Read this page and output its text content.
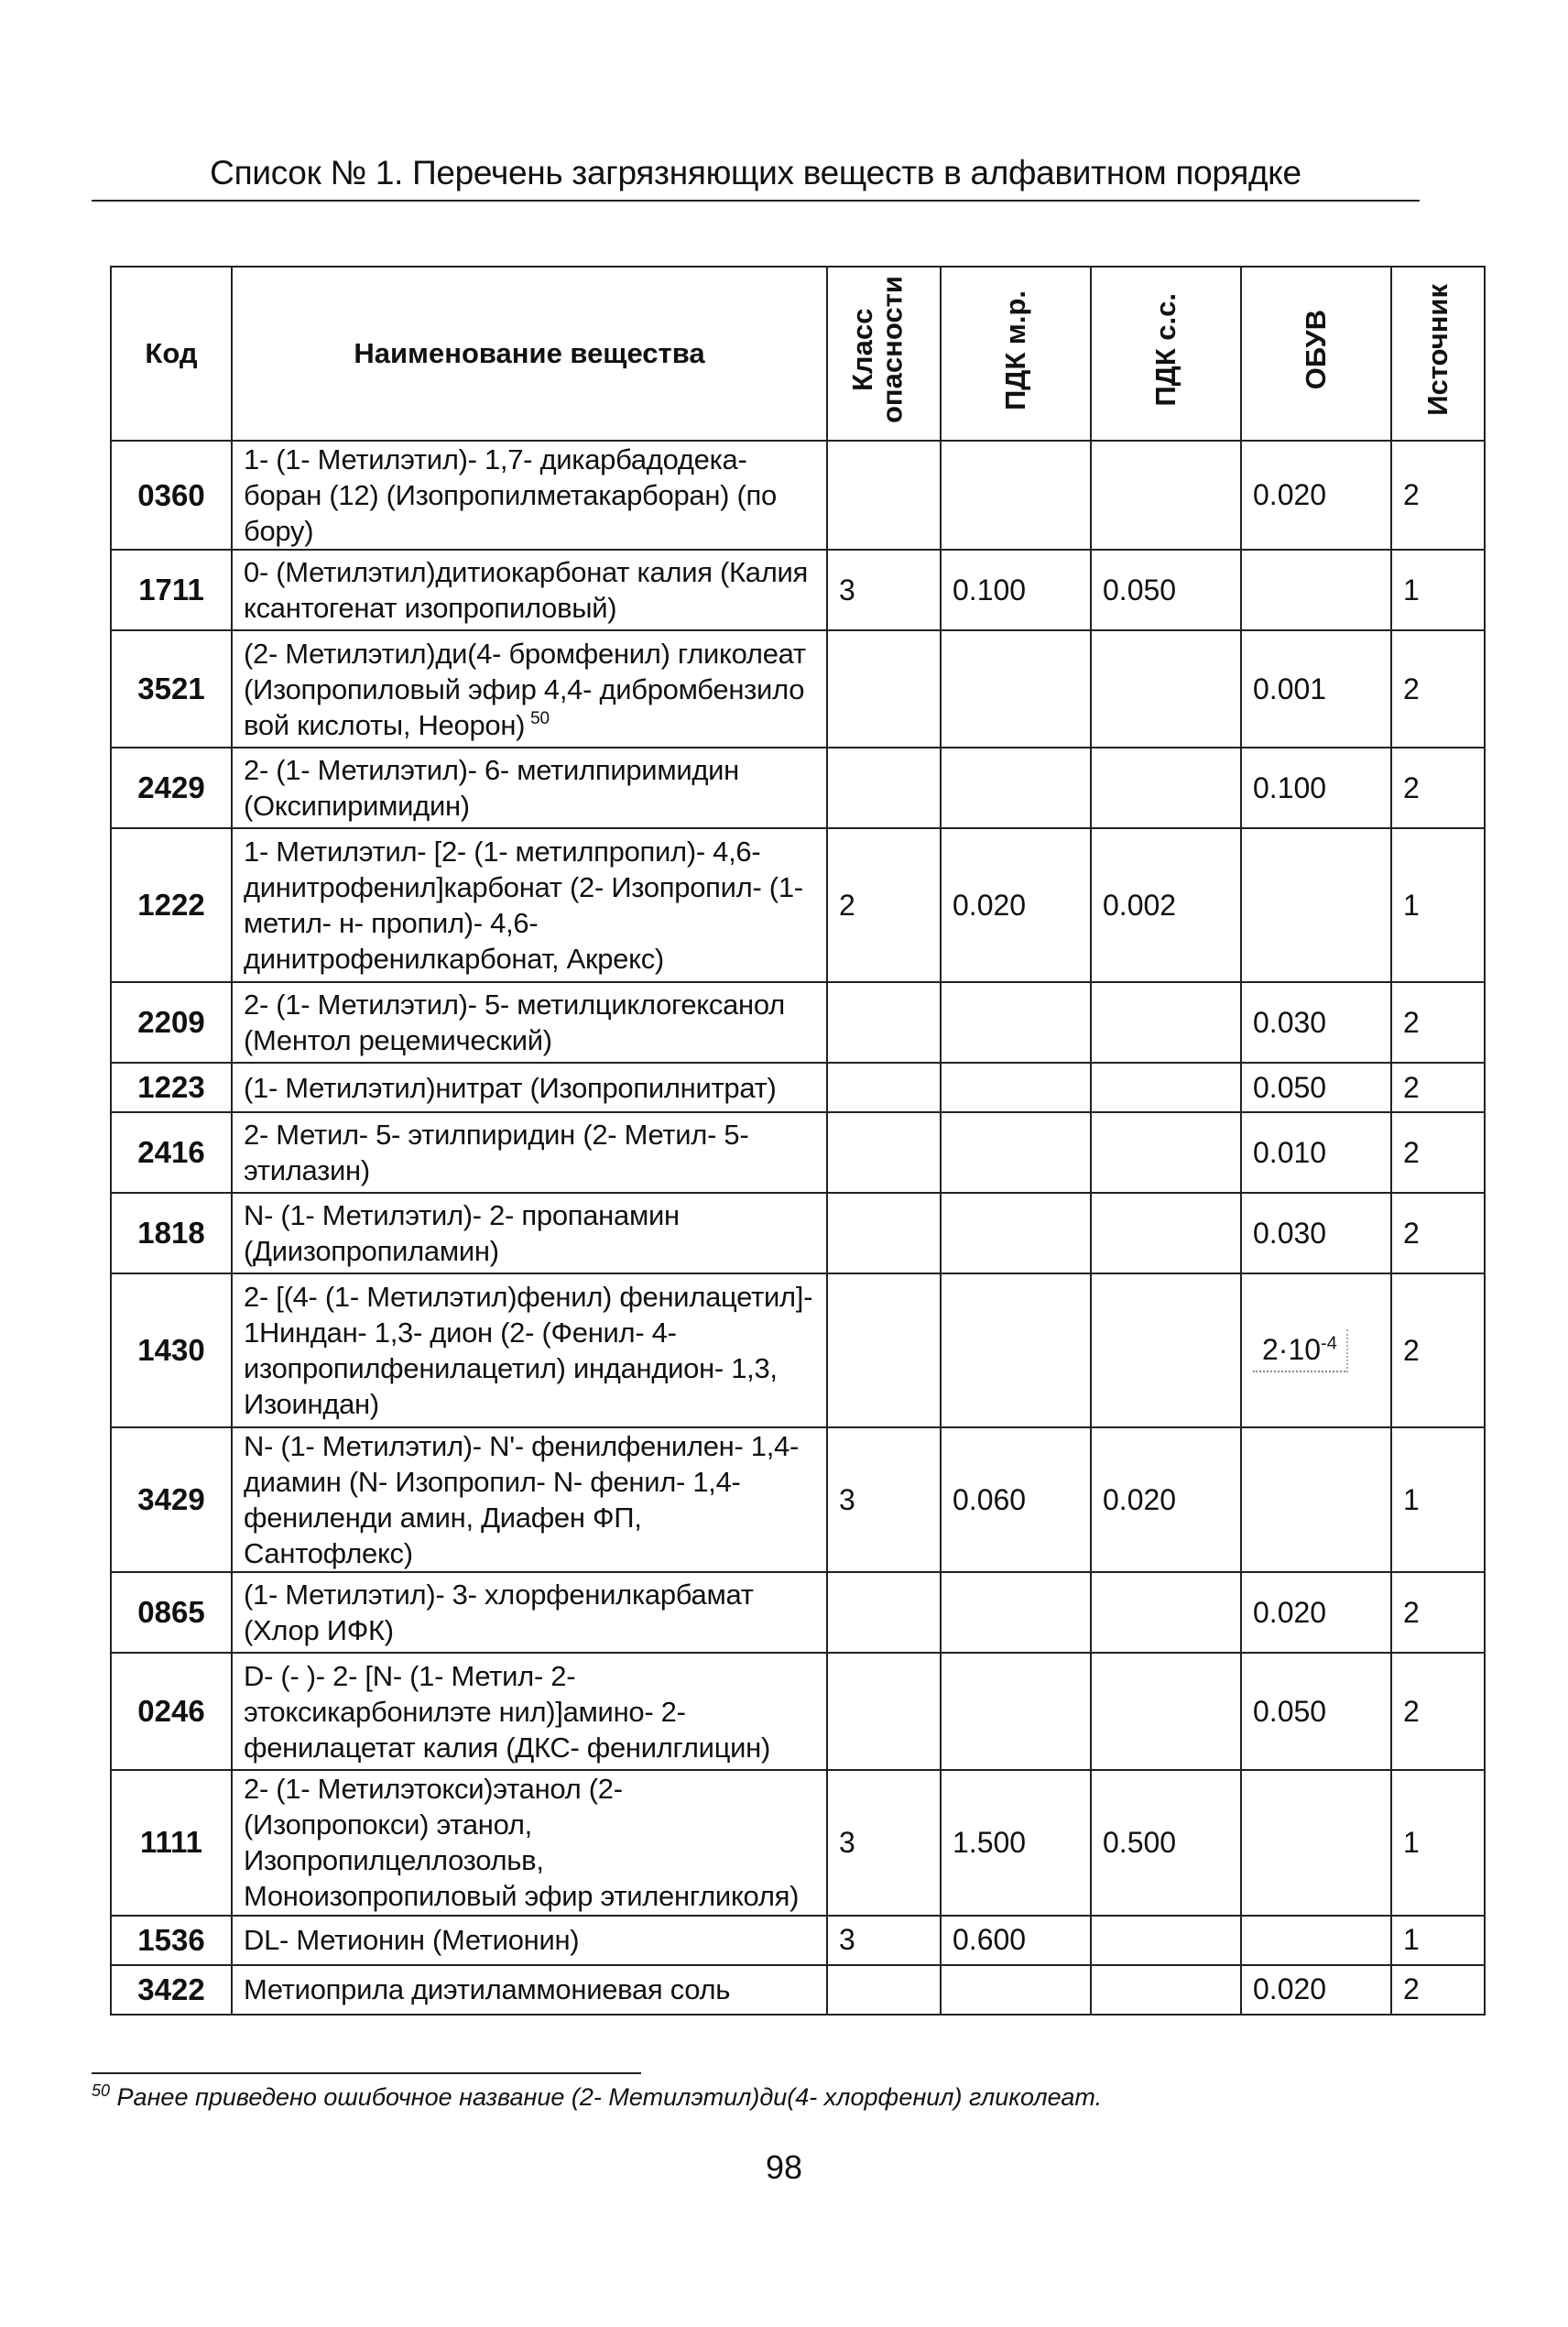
Список № 1. Перечень загрязняющих веществ в алфавитном порядке
Код	Наименование вещества	Класс опасности	ПДК м.р.	ПДК с.с.	ОБУВ	Источник
0360	1- (1- Метилэтил)- 1,7- дикарбадодека- боран (12) (Изопропилметакарборан) (по бору)				0.020	2
1711	0- (Метилэтил)дитиокарбонат калия (Калия ксантогенат изопропиловый)	3	0.100	0.050		1
3521	(2- Метилэтил)ди(4- бромфенил) гликолеат (Изопропиловый эфир 4,4- дибромбензило вой кислоты, Неорон) $^{50}$				0.001	2
2429	2- (1- Метилэтил)- 6- метилпиримидин (Оксипиримидин)				0.100	2
1222	1- Метилэтил- [2- (1- метилпропил)- 4,6- динитрофенил]карбонат (2- Изопропил- (1- метил- н- пропил)- 4,6- динитрофенилкарбонат, Акрекс)	2	0.020	0.002		1
2209	2- (1- Метилэтил)- 5- метилциклогексанол (Ментол рецемический)				0.030	2
1223	(1- Метилэтил)нитрат (Изопропилнитрат)				0.050	2
2416	2- Метил- 5- этилпиридин (2- Метил- 5- этилазин)				0.010	2
1818	N- (1- Метилэтил)- 2- пропанамин (Диизопропиламин)				0.030	2
1430	2- [(4- (1- Метилэтил)фенил) фенилацетил]- 1Ниндан- 1,3- дион (2- (Фенил- 4- изопропилфенилацетил) индандион- 1,3, Изоиндан)				$2\cdot 10^{-4}$	2
3429	N- (1- Метилэтил)- N'- фенилфенилен- 1,4- диамин (N- Изопропил- N- фенил- 1,4- фениленди амин, Диафен ФП, Сантофлекс)	3	0.060	0.020		1
0865	(1- Метилэтил)- 3- хлорфенилкарбамат (Хлор ИФК)				0.020	2
0246	D- (- )- 2- [N- (1- Метил- 2- этоксикарбонилэте нил)]амино- 2- фенилацетат калия (ДКС- фенилглицин)				0.050	2
1111	2- (1- Метилэтокси)этанол (2- (Изопропокси) этанол, Изопропилцеллозольв, Моноизопропиловый эфир этиленгликоля)	3	1.500	0.500		1
1536	DL- Метионин (Метионин)	3	0.600			1
3422	Метиоприла диэтиламмониевая соль				0.020	2
$^{50}$ Ранее приведено ошибочное название (2- Метилэтил)ди(4- хлорфенил) гликолеат.
98
